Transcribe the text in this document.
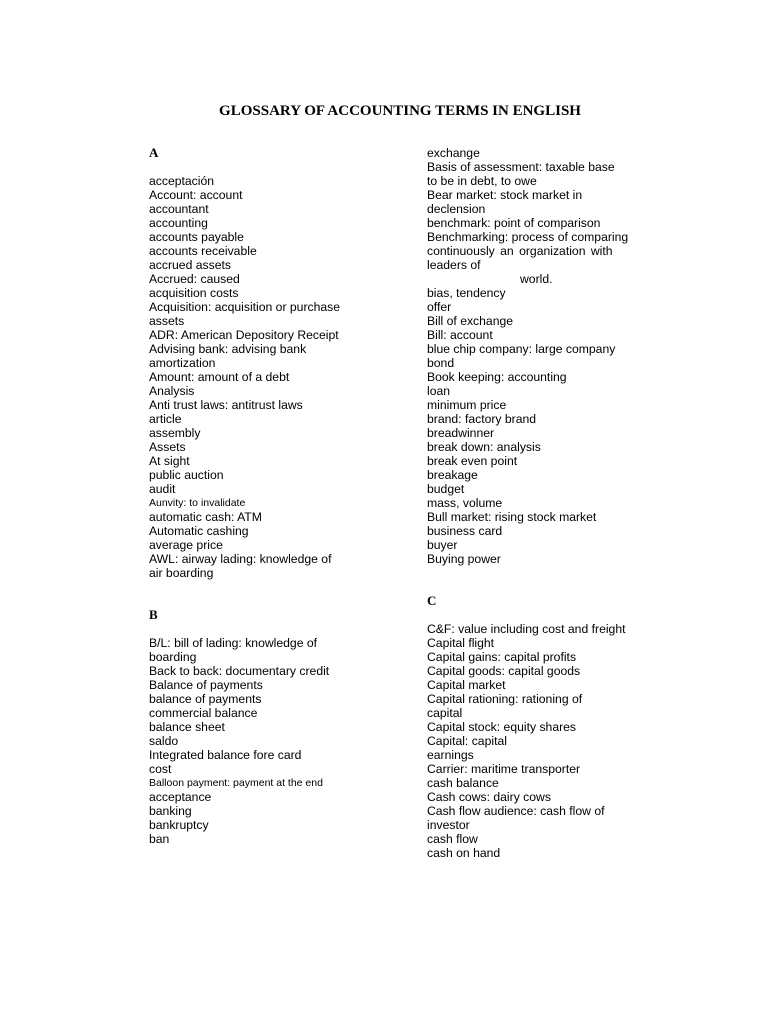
GLOSSARY OF ACCOUNTING TERMS IN ENGLISH
A
acceptación
Account: account
accountant
accounting
accounts payable
accounts receivable
accrued assets
Accrued: caused
acquisition costs
Acquisition: acquisition or purchase
assets
ADR: American Depository Receipt
Advising bank: advising bank
amortization
Amount: amount of a debt
Analysis
Anti trust laws: antitrust laws
article
assembly
Assets
At sight
public auction
audit
Aunvity: to invalidate
automatic cash: ATM
Automatic cashing
average price
AWL: airway lading: knowledge of
air boarding
B
B/L: bill of lading: knowledge of
boarding
Back to back: documentary credit
Balance of payments
balance of payments
commercial balance
balance sheet
saldo
Integrated balance fore card
cost
Balloon payment: payment at the end
acceptance
banking
bankruptcy
ban
exchange
Basis of assessment: taxable base
to be in debt, to owe
Bear market: stock market in
declension
benchmark: point of comparison
Benchmarking: process of comparing
continuously an organization with
leaders of
world.
bias, tendency
offer
Bill of exchange
Bill: account
blue chip company: large company
bond
Book keeping: accounting
loan
minimum price
brand: factory brand
breadwinner
break down: analysis
break even point
breakage
budget
mass, volume
Bull market: rising stock market
business card
buyer
Buying power
C
C&F: value including cost and freight
Capital flight
Capital gains: capital profits
Capital goods: capital goods
Capital market
Capital rationing: rationing of
capital
Capital stock: equity shares
Capital: capital
earnings
Carrier: maritime transporter
cash balance
Cash cows: dairy cows
Cash flow audience: cash flow of
investor
cash flow
cash on hand
